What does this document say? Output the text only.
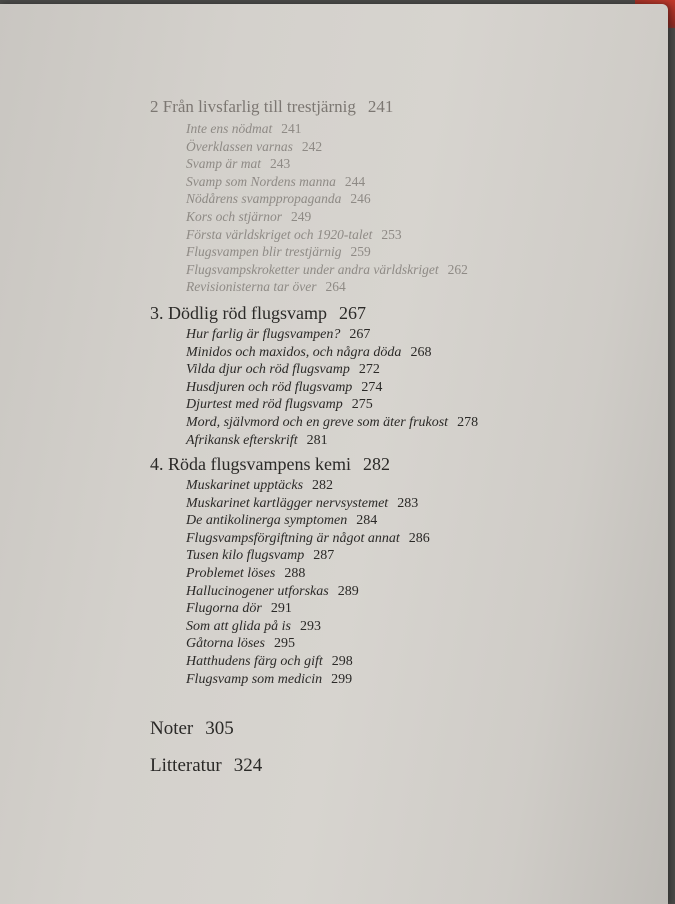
2 Från livsfarlig till trestjärnig 241

Inte ens nödmat 241
Överklassen varnas 242
Svamp är mat 243
Svamp som Nordens manna 244
Nödårens svamppropaganda 246
Kors och stjärnor 249
Första världskriget och 1920-talet 253
Flugsvampen blir trestjärnig 259
Flugsvampskroketter under andra världskriget 262
Revisionisterna tar över 264

3. Dödlig röd flugsvamp 267

Hur farlig är flugsvampen? 267
Minidos och maxidos, och några döda 268
Vilda djur och röd flugsvamp 272
Husdjuren och röd flugsvamp 274
Djurtest med röd flugsvamp 275
Mord, självmord och en greve som äter frukost 278
Afrikansk efterskrift 281

4. Röda flugsvampens kemi 282

Muskarinet upptäcks 282
Muskarinet kartlägger nervsystemet 283
De antikolinerga symptomen 284
Flugsvampsförgiftning är något annat 286
Tusen kilo flugsvamp 287
Problemet löses 288
Hallucinogener utforskas 289
Flugorna dör 291
Som att glida på is 293
Gåtorna löses 295
Hatthudens färg och gift 298
Flugsvamp som medicin 299
Noter 305
Litteratur 324
